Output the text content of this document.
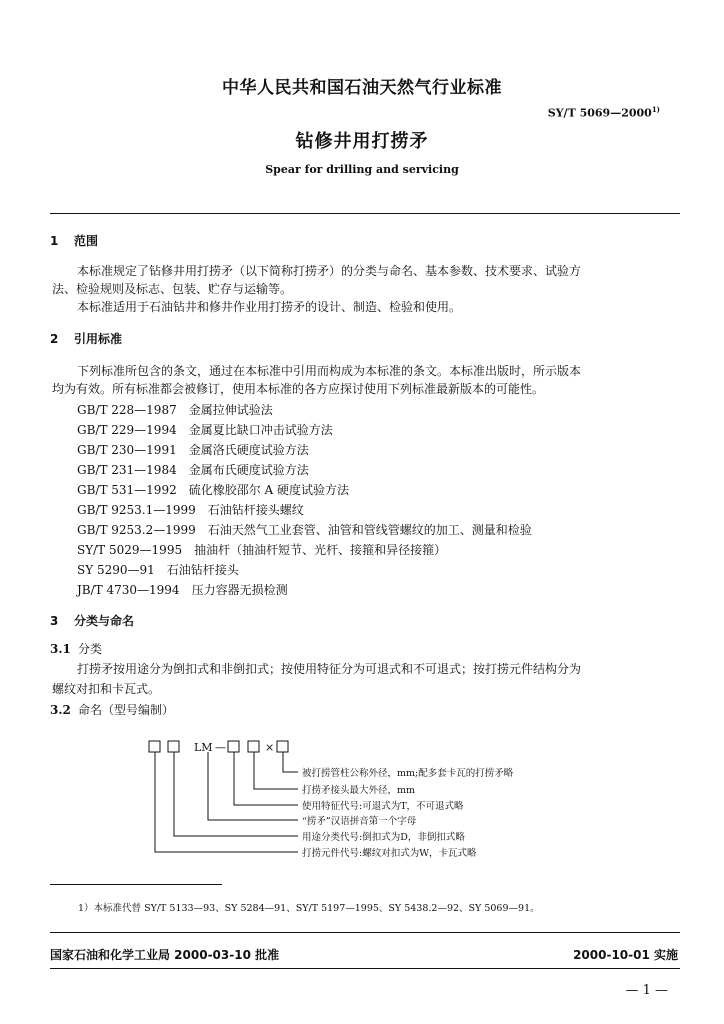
中华人民共和国石油天然气行业标准
SY/T 5069—2000$^{1)}$
钻修井用打捞矛
Spear for drilling and servicing
1 范围
本标准规定了钻修井用打捞矛（以下简称打捞矛）的分类与命名、基本参数、技术要求、试验方
法、检验规则及标志、包装、贮存与运输等。
本标准适用于石油钻井和修井作业用打捞矛的设计、制造、检验和使用。
2 引用标准
下列标准所包含的条文，通过在本标准中引用而构成为本标准的条文。本标准出版时，所示版本
均为有效。所有标准都会被修订，使用本标准的各方应探讨使用下列标准最新版本的可能性。
GB/T 228—1987　金属拉伸试验法
GB/T 229—1994　金属夏比缺口冲击试验方法
GB/T 230—1991　金属洛氏硬度试验方法
GB/T 231—1984　金属布氏硬度试验方法
GB/T 531—1992　硫化橡胶邵尔 A 硬度试验方法
GB/T 9253.1—1999　石油钻杆接头螺纹
GB/T 9253.2—1999　石油天然气工业套管、油管和管线管螺纹的加工、测量和检验
SY/T 5029—1995　抽油杆（抽油杆短节、光杆、接箍和异径接箍）
SY 5290—91　石油钻杆接头
JB/T 4730—1994　压力容器无损检测
3 分类与命名
3.1 分类
打捞矛按用途分为倒扣式和非倒扣式；按使用特征分为可退式和不可退式；按打捞元件结构分为
螺纹对扣和卡瓦式。
3.2 命名（型号编制）
LM —	×
被打捞管柱公称外径，mm;配多套卡瓦的打捞矛略
打捞矛接头最大外径，mm
使用特征代号:可退式为T，不可退式略
“捞矛”汉语拼音第一个字母
用途分类代号:倒扣式为D，非倒扣式略
打捞元件代号:螺纹对扣式为W，卡瓦式略
1）本标准代替 SY/T 5133—93、SY 5284—91、SY/T 5197—1995、SY 5438.2—92、SY 5069—91。
国家石油和化学工业局 2000-03-10 批准	2000-10-01 实施
— 1 —
